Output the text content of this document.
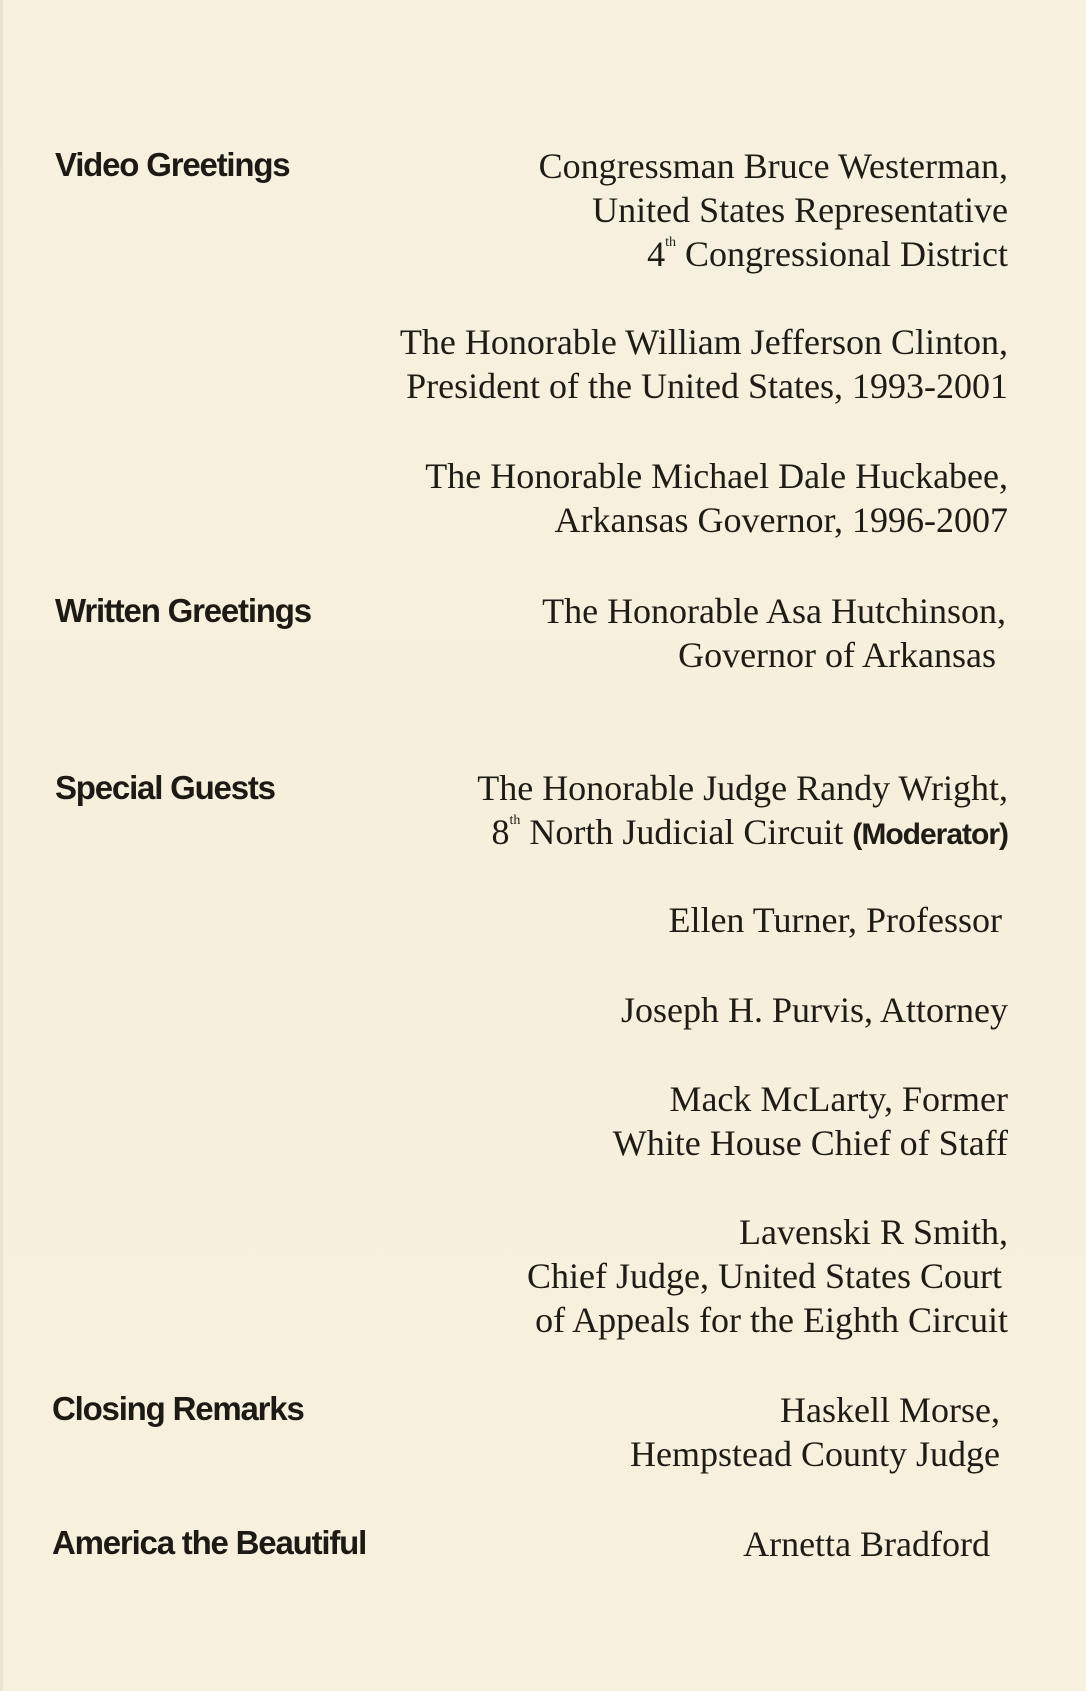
Video Greetings	Congressman Bruce Westerman,
United States Representative
4th Congressional District
The Honorable William Jefferson Clinton,
President of the United States, 1993-2001
The Honorable Michael Dale Huckabee,
Arkansas Governor, 1996-2007
Written Greetings	The Honorable Asa Hutchinson,
Governor of Arkansas
Special Guests	The Honorable Judge Randy Wright,
8th North Judicial Circuit (Moderator)
Ellen Turner, Professor
Joseph H. Purvis, Attorney
Mack McLarty, Former
White House Chief of Staff
Lavenski R Smith,
Chief Judge, United States Court
of Appeals for the Eighth Circuit
Closing Remarks	Haskell Morse,
Hempstead County Judge
America the Beautiful	Arnetta Bradford
